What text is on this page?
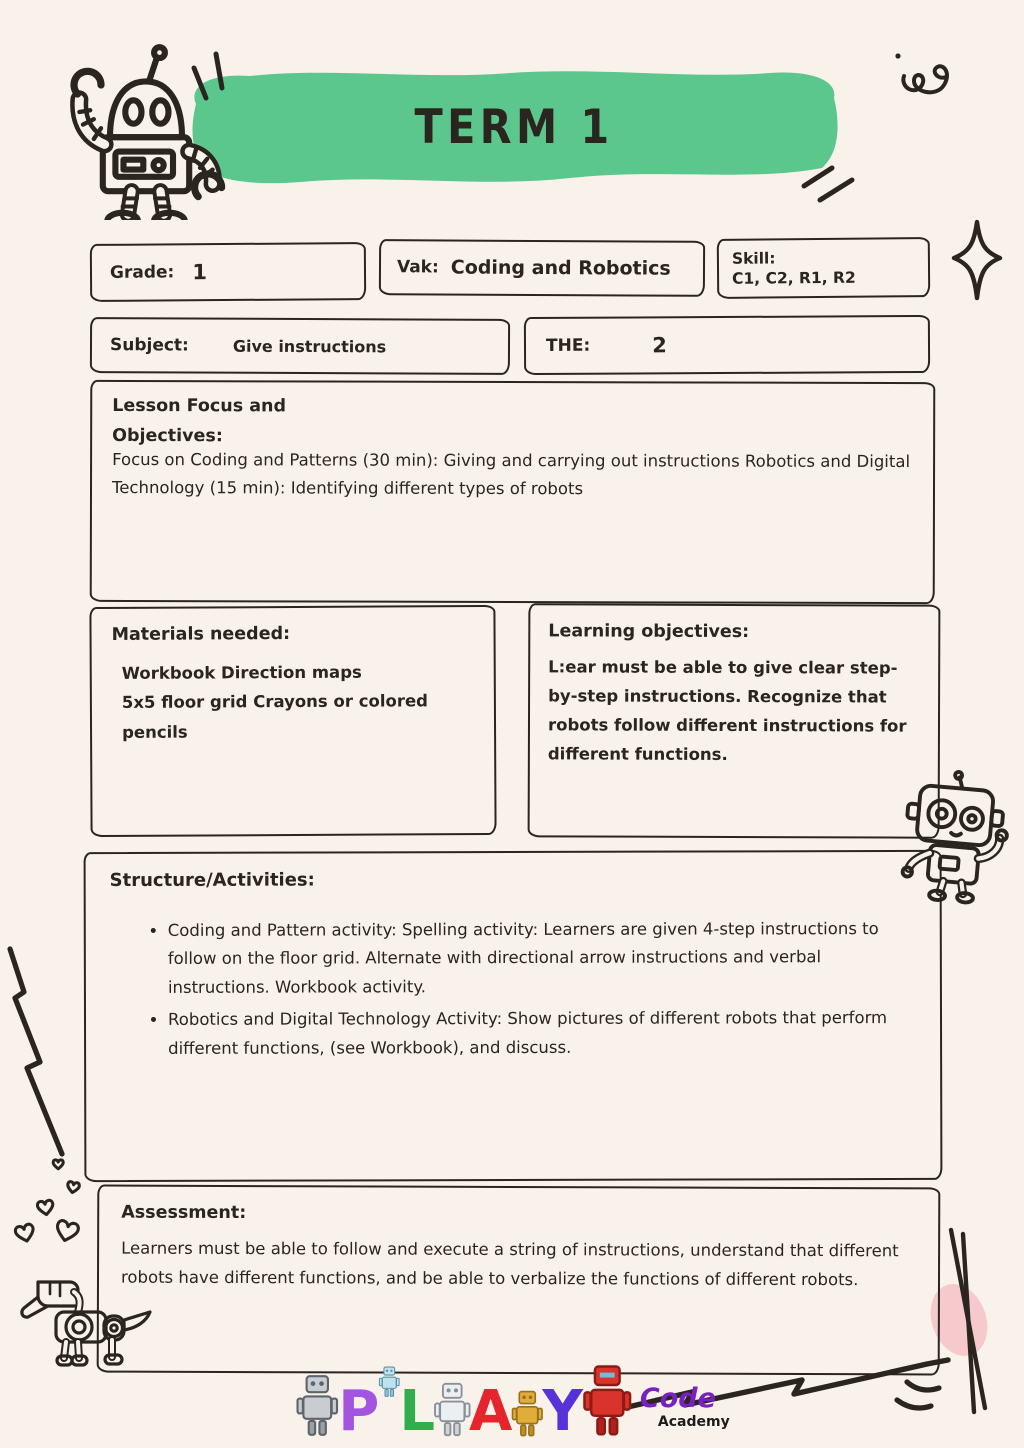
TERM 1
Grade: 1	Vak: Coding and Robotics	Skill:
C1, C2, R1, R2
Subject:	Give instructions	THE:	2
Lesson Focus and
Objectives:
Focus on Coding and Patterns (30 min): Giving and carrying out instructions Robotics and Digital Technology (15 min): Identifying different types of robots
Materials needed:
Workbook Direction maps
5x5 floor grid Crayons or colored pencils
Learning objectives:
L:ear must be able to give clear step-by-step instructions. Recognize that robots follow different instructions for different functions.
Structure/Activities:
• Coding and Pattern activity: Spelling activity: Learners are given 4-step instructions to follow on the floor grid. Alternate with directional arrow instructions and verbal instructions. Workbook activity.
• Robotics and Digital Technology Activity: Show pictures of different robots that perform different functions, (see Workbook), and discuss.
Assessment:
Learners must be able to follow and execute a string of instructions, understand that different robots have different functions, and be able to verbalize the functions of different robots.
P L A Y Code
Academy
